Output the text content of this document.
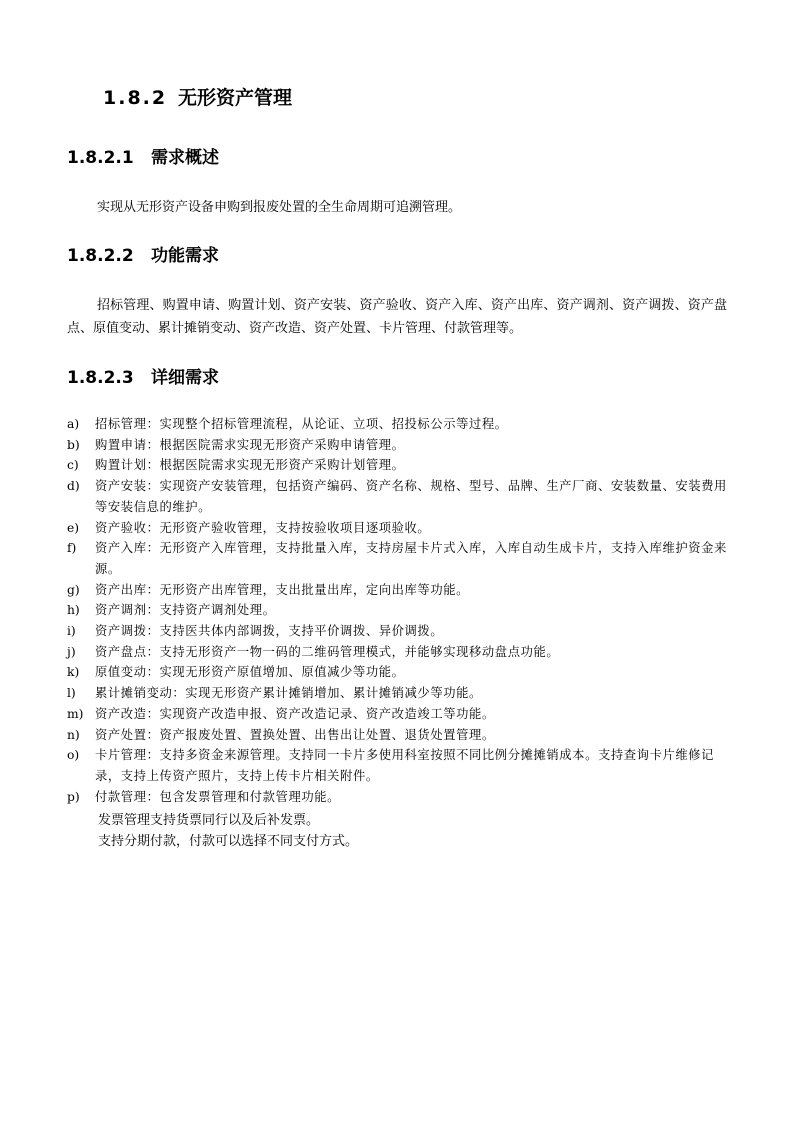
1.8.2 无形资产管理
1.8.2.1 需求概述
实现从无形资产设备申购到报废处置的全生命周期可追溯管理。
1.8.2.2 功能需求
招标管理、购置申请、购置计划、资产安装、资产验收、资产入库、资产出库、资产调剂、资产调拨、资产盘点、原值变动、累计摊销变动、资产改造、资产处置、卡片管理、付款管理等。
1.8.2.3 详细需求
a) 招标管理：实现整个招标管理流程，从论证、立项、招投标公示等过程。
b) 购置申请：根据医院需求实现无形资产采购申请管理。
c) 购置计划：根据医院需求实现无形资产采购计划管理。
d) 资产安装：实现资产安装管理，包括资产编码、资产名称、规格、型号、品牌、生产厂商、安装数量、安装费用等安装信息的维护。
e) 资产验收：无形资产验收管理，支持按验收项目逐项验收。
f) 资产入库：无形资产入库管理，支持批量入库，支持房屋卡片式入库，入库自动生成卡片，支持入库维护资金来源。
g) 资产出库：无形资产出库管理，支出批量出库，定向出库等功能。
h) 资产调剂：支持资产调剂处理。
i) 资产调拨：支持医共体内部调拨，支持平价调拨、异价调拨。
j) 资产盘点：支持无形资产一物一码的二维码管理模式，并能够实现移动盘点功能。
k) 原值变动：实现无形资产原值增加、原值减少等功能。
l) 累计摊销变动：实现无形资产累计摊销增加、累计摊销减少等功能。
m) 资产改造：实现资产改造申报、资产改造记录、资产改造竣工等功能。
n) 资产处置：资产报废处置、置换处置、出售出让处置、退货处置管理。
o) 卡片管理：支持多资金来源管理。支持同一卡片多使用科室按照不同比例分摊摊销成本。支持查询卡片维修记录，支持上传资产照片，支持上传卡片相关附件。
p) 付款管理：包含发票管理和付款管理功能。
发票管理支持货票同行以及后补发票。
支持分期付款，付款可以选择不同支付方式。
